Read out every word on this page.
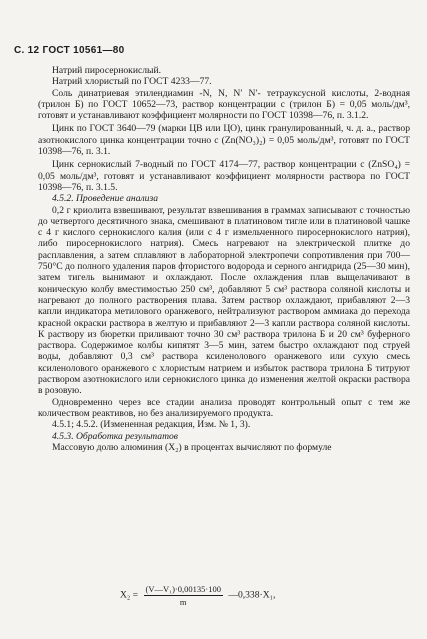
С. 12 ГОСТ 10561—80

Натрий пиросернокислый.

Натрий хлористый по ГОСТ 4233—77.

Соль динатриевая этилендиамин -N, N, N′ N′- тетрауксусной кислоты, 2-водная (трилон Б) по ГОСТ 10652—73, раствор концентрации c (трилон Б) = 0,05 моль/дм³, готовят и устанавливают коэффициент молярности по ГОСТ 10398—76, п. 3.1.2.

Цинк по ГОСТ 3640—79 (марки ЦВ или ЦО), цинк гранулированный, ч. д. а., раствор азотнокислого цинка концентрации точно c (Zn(NO₃)₂) = 0,05 моль/дм³, готовят по ГОСТ 10398—76, п. 3.1.

Цинк сернокислый 7-водный по ГОСТ 4174—77, раствор концентрации c (ZnSO₄) = 0,05 моль/дм³, готовят и устанавливают коэффициент молярности раствора по ГОСТ 10398—76, п. 3.1.5.

4.5.2. Проведение анализа

0,2 г криолита взвешивают, результат взвешивания в граммах записывают с точностью до четвертого десятичного знака, смешивают в платиновом тигле или в платиновой чашке с 4 г кислого сернокислого калия (или с 4 г измельченного пиросернокислого натрия), либо пиросернокислого натрия). Смесь нагревают на электрической плитке до расплавления, а затем сплавляют в лабораторной электропечи сопротивления при 700—750°С до полного удаления паров фтористого водорода и серного ангидрида (25—30 мин), затем тигель вынимают и охлаждают. После охлаждения плав выщелачивают в коническую колбу вместимостью 250 см³, добавляют 5 см³ раствора соляной кислоты и нагревают до полного растворения плава. Затем раствор охлаждают, прибавляют 2—3 капли индикатора метилового оранжевого, нейтрализуют раствором аммиака до перехода красной окраски раствора в желтую и прибавляют 2—3 капли раствора соляной кислоты. К раствору из бюретки приливают точно 30 см³ раствора трилона Б и 20 см³ буферного раствора. Содержимое колбы кипятят 3—5 мин, затем быстро охлаждают под струей воды, добавляют 0,3 см³ раствора ксиленолового оранжевого или сухую смесь ксиленолового оранжевого с хлористым натрием и избыток раствора трилона Б титруют раствором азотнокислого или сернокислого цинка до изменения желтой окраски раствора в розовую.

Одновременно через все стадии анализа проводят контрольный опыт с тем же количеством реактивов, но без анализируемого продукта.

4.5.1; 4.5.2. (Измененная редакция, Изм. № 1, 3).

4.5.3. Обработка результатов

Массовую долю алюминия (X₂) в процентах вычисляют по формуле

$X_2 = \frac{\text{(V—V₁)·0,00135·100}}{m}$ —0,338·X₁,
